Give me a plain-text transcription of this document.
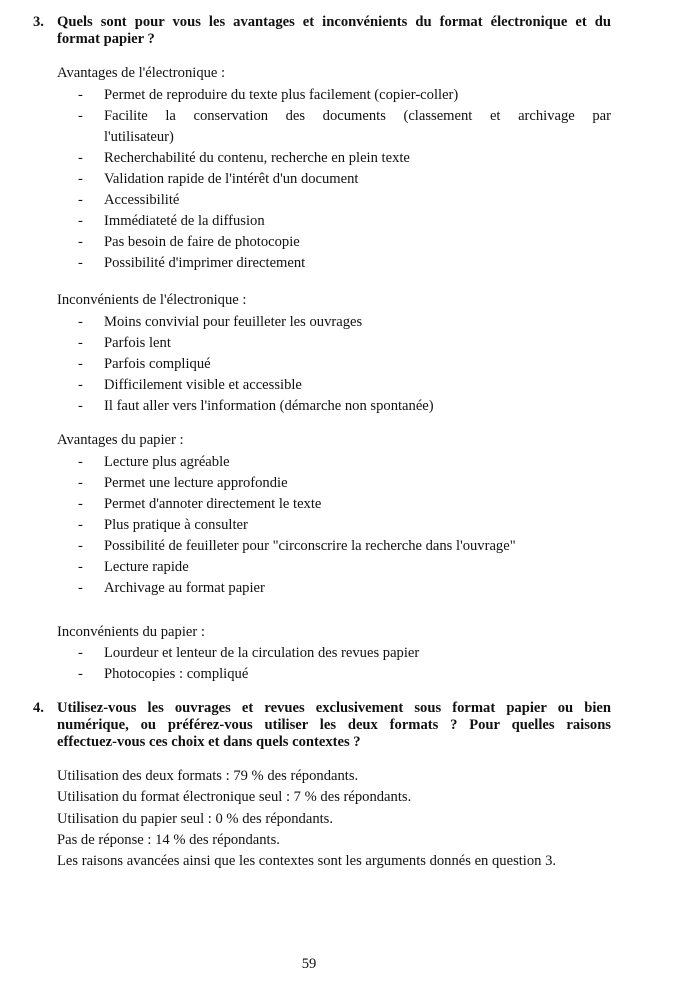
3. Quels sont pour vous les avantages et inconvénients du format électronique et du
format papier ?
Avantages de l'électronique :
- Permet de reproduire du texte plus facilement (copier-coller)
- Facilite la conservation des documents (classement et archivage par
l'utilisateur)
- Recherchabilité du contenu, recherche en plein texte
- Validation rapide de l'intérêt d'un document
- Accessibilité
- Immédiateté de la diffusion
- Pas besoin de faire de photocopie
- Possibilité d'imprimer directement
Inconvénients de l'électronique :
- Moins convivial pour feuilleter les ouvrages
- Parfois lent
- Parfois compliqué
- Difficilement visible et accessible
- Il faut aller vers l'information (démarche non spontanée)
Avantages du papier :
- Lecture plus agréable
- Permet une lecture approfondie
- Permet d'annoter directement le texte
- Plus pratique à consulter
- Possibilité de feuilleter pour "circonscrire la recherche dans l'ouvrage"
- Lecture rapide
- Archivage au format papier
Inconvénients du papier :
- Lourdeur et lenteur de la circulation des revues papier
- Photocopies : compliqué
4. Utilisez-vous les ouvrages et revues exclusivement sous format papier ou bien
numérique, ou préférez-vous utiliser les deux formats ? Pour quelles raisons
effectuez-vous ces choix et dans quels contextes ?
Utilisation des deux formats : 79 % des répondants.
Utilisation du format électronique seul : 7 % des répondants.
Utilisation du papier seul : 0 % des répondants.
Pas de réponse : 14 % des répondants.
Les raisons avancées ainsi que les contextes sont les arguments donnés en question 3.
59
